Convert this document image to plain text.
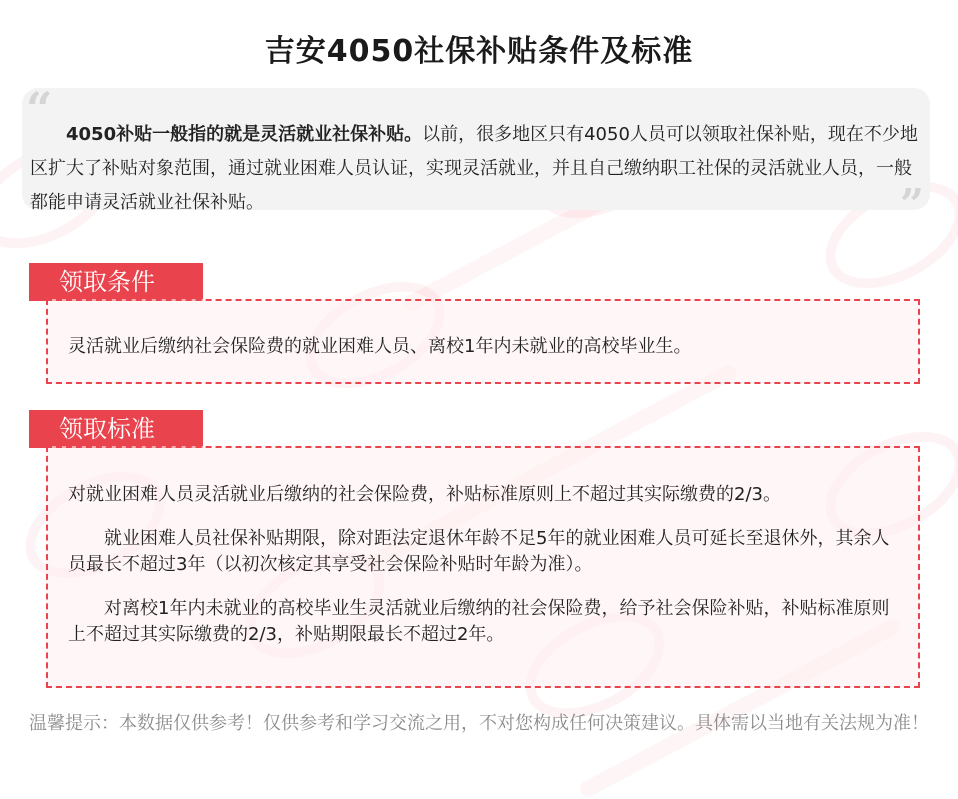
吉安4050社保补贴条件及标准
“ 4050补贴一般指的就是灵活就业社保补贴。以前，很多地区只有4050人员可以领取社保补贴，现在不少地区扩大了补贴对象范围，通过就业困难人员认证，实现灵活就业，并且自己缴纳职工社保的灵活就业人员，一般都能申请灵活就业社保补贴。	”
领取条件

灵活就业后缴纳社会保险费的就业困难人员、离校1年内未就业的高校毕业生。

领取标准

对就业困难人员灵活就业后缴纳的社会保险费，补贴标准原则上不超过其实际缴费的2/3。

就业困难人员社保补贴期限，除对距法定退休年龄不足5年的就业困难人员可延长至退休外，其余人员最长不超过3年（以初次核定其享受社会保险补贴时年龄为准）。

对离校1年内未就业的高校毕业生灵活就业后缴纳的社会保险费，给予社会保险补贴，补贴标准原则上不超过其实际缴费的2/3，补贴期限最长不超过2年。

温馨提示：本数据仅供参考！仅供参考和学习交流之用，不对您构成任何决策建议。具体需以当地有关法规为准！
